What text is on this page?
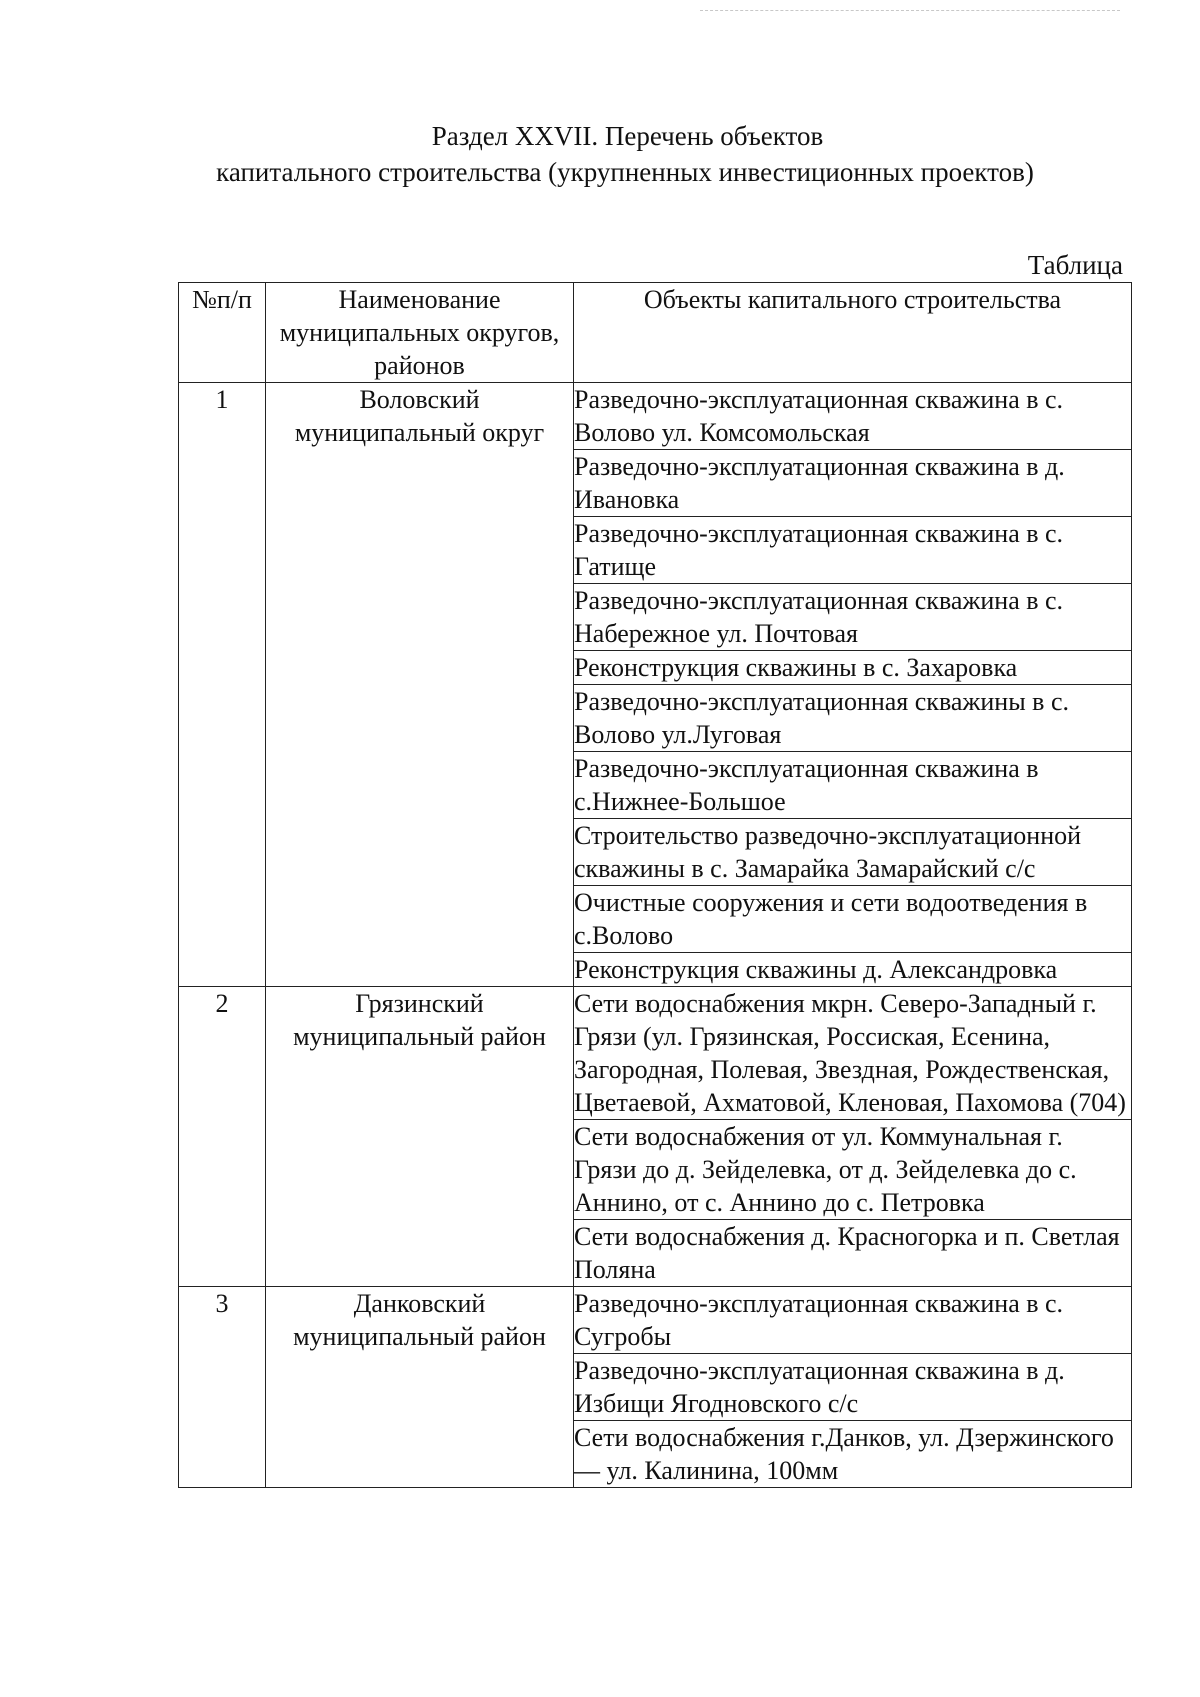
Раздел XXVII. Перечень объектов
капитального строительства (укрупненных инвестиционных проектов)
Таблица
№п/п	Наименование муниципальных округов, районов	Объекты капитального строительства
1	Воловский муниципальный округ	Разведочно-эксплуатационная скважина в с. Волово ул. Комсомольская
		Разведочно-эксплуатационная скважина в д. Ивановка
		Разведочно-эксплуатационная скважина в с. Гатище
		Разведочно-эксплуатационная скважина в с. Набережное ул. Почтовая
		Реконструкция скважины в с. Захаровка
		Разведочно-эксплуатационная скважины в с. Волово ул.Луговая
		Разведочно-эксплуатационная скважина в с.Нижнее-Большое
		Строительство разведочно-эксплуатационной скважины в с. Замарайка Замарайский с/с
		Очистные сооружения и сети водоотведения в с.Волово
		Реконструкция скважины д. Александровка
2	Грязинский муниципальный район	Сети водоснабжения мкрн. Северо-Западный г. Грязи (ул. Грязинская, Россиская, Есенина, Загородная, Полевая, Звездная, Рождественская, Цветаевой, Ахматовой, Кленовая, Пахомова (704)
		Сети водоснабжения от ул. Коммунальная г. Грязи до д. Зейделевка, от д. Зейделевка до с. Аннино, от с. Аннино до с. Петровка
		Сети водоснабжения д. Красногорка и п. Светлая Поляна
3	Данковский муниципальный район	Разведочно-эксплуатационная скважина в с. Сугробы
		Разведочно-эксплуатационная скважина в д. Избищи Ягодновского с/с
		Сети водоснабжения г.Данков, ул. Дзержинского — ул. Калинина, 100мм
